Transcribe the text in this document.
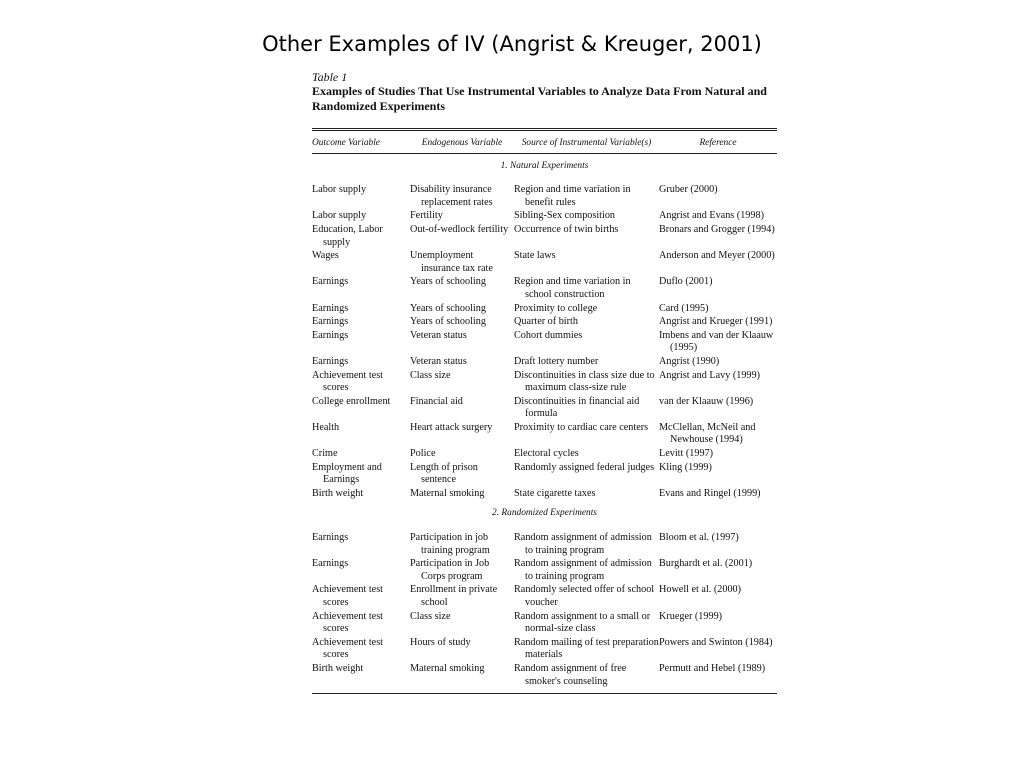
Other Examples of IV (Angrist & Kreuger, 2001)
Table 1
Examples of Studies That Use Instrumental Variables to Analyze Data From Natural and Randomized Experiments
Outcome Variable	Endogenous Variable	Source of Instrumental Variable(s)	Reference

1. Natural Experiments			
Labor supply	Disability insurance replacement rates	Region and time variation in benefit rules	Gruber (2000)
Labor supply	Fertility	Sibling-Sex composition	Angrist and Evans (1998)
Education, Labor supply	Out-of-wedlock fertility	Occurrence of twin births	Bronars and Grogger (1994)
Wages	Unemployment insurance tax rate	State laws	Anderson and Meyer (2000)
Earnings	Years of schooling	Region and time variation in school construction	Duflo (2001)
Earnings	Years of schooling	Proximity to college	Card (1995)
Earnings	Years of schooling	Quarter of birth	Angrist and Krueger (1991)
Earnings	Veteran status	Cohort dummies	Imbens and van der Klaauw (1995)
Earnings	Veteran status	Draft lottery number	Angrist (1990)
Achievement test scores	Class size	Discontinuities in class size due to maximum class-size rule	Angrist and Lavy (1999)
College enrollment	Financial aid	Discontinuities in financial aid formula	van der Klaauw (1996)
Health	Heart attack surgery	Proximity to cardiac care centers	McClellan, McNeil and Newhouse (1994)
Crime	Police	Electoral cycles	Levitt (1997)
Employment and Earnings	Length of prison sentence	Randomly assigned federal judges	Kling (1999)
Birth weight	Maternal smoking	State cigarette taxes	Evans and Ringel (1999)
2. Randomized Experiments			
Earnings	Participation in job training program	Random assignment of admission to training program	Bloom et al. (1997)
Earnings	Participation in Job Corps program	Random assignment of admission to training program	Burghardt et al. (2001)
Achievement test scores	Enrollment in private school	Randomly selected offer of school voucher	Howell et al. (2000)
Achievement test scores	Class size	Random assignment to a small or normal-size class	Krueger (1999)
Achievement test scores	Hours of study	Random mailing of test preparation materials	Powers and Swinton (1984)
Birth weight	Maternal smoking	Random assignment of free smoker's counseling	Permutt and Hebel (1989)
